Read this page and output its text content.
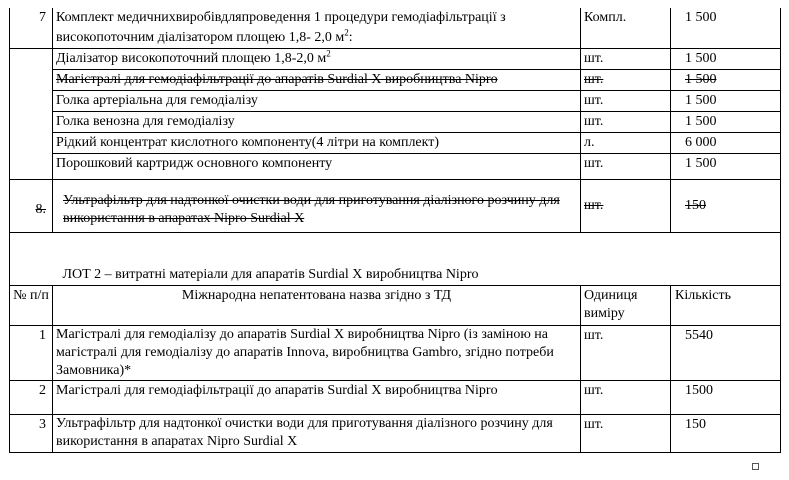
7	Комплект медичнихвиробівдляпроведення 1 процедури гемодіафільтрації з високопоточним діалізатором площею 1,8- 2,0 $м^2$:	Компл.	1 500
	Діалізатор високопоточний площею 1,8-2,0 $м^2$	шт.	1 500
	Магістралі для гемодіафільтрації до апаратів Surdial X виробництва Nipro	шт.	1 500
	Голка артеріальна для гемодіалізу	шт.	1 500
	Голка венозна для гемодіалізу	шт.	1 500
	Рідкий концентрат кислотного компоненту(4 літри на комплект)	л.	6 000
	Порошковий картридж основного компоненту	шт.	1 500
8.	Ультрафільтр для надтонкої очистки води для приготування діалізного розчину для використання в апаратах Nipro Surdial X	шт.	150
	ЛОТ 2 – витратні матеріали для апаратів Surdial X виробництва Nipro		
№ п/п	Міжнародна непатентована назва згідно з ТД	Одиниця виміру	Кількість
1	Магістралі для гемодіалізу до апаратів Surdial X виробництва Nipro (із заміною на магістралі для гемодіалізу до апаратів Innova, виробництва Gambro, згідно потреби Замовника)*	шт.	5540
2	Магістралі для гемодіафільтрації до апаратів Surdial X виробництва Nipro	шт.	1500
3	Ультрафільтр для надтонкої очистки води для приготування діалізного розчину для використання в апаратах Nipro Surdial X	шт.	150
